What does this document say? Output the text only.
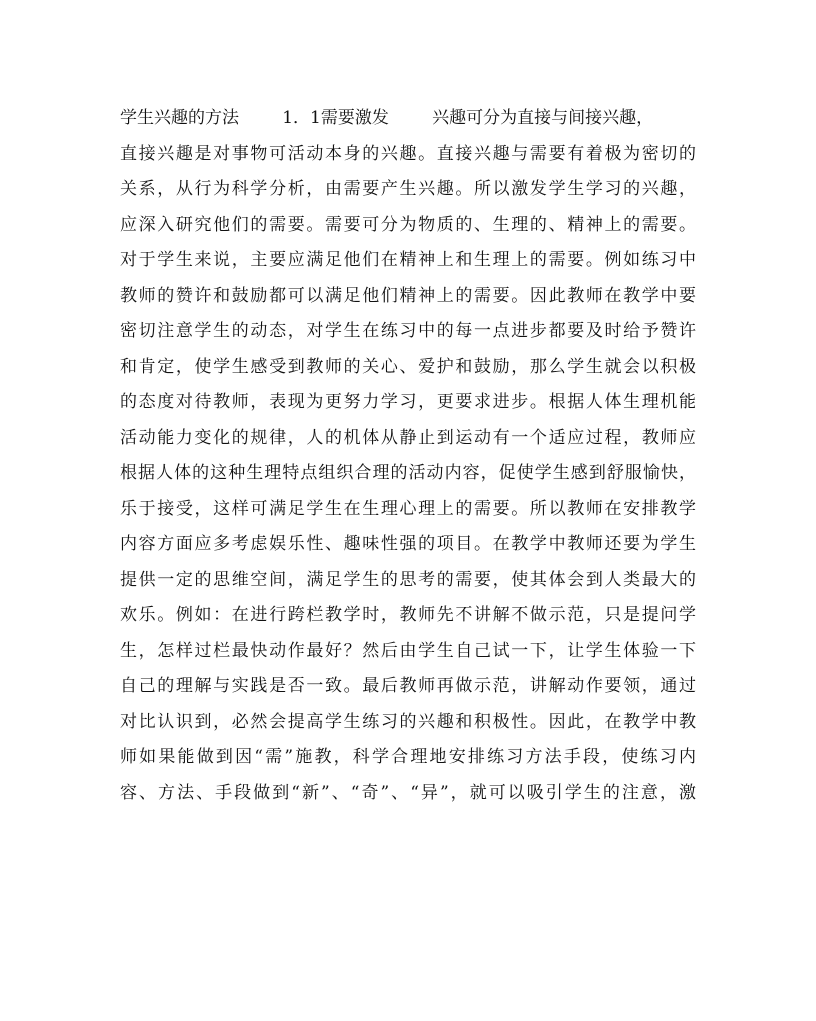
学生兴趣的方法        1．1需要激发        兴趣可分为直接与间接兴趣，
直接兴趣是对事物可活动本身的兴趣。直接兴趣与需要有着极为密切的
关系，从行为科学分析，由需要产生兴趣。所以激发学生学习的兴趣，
应深入研究他们的需要。需要可分为物质的、生理的、精神上的需要。
对于学生来说，主要应满足他们在精神上和生理上的需要。例如练习中
教师的赞许和鼓励都可以满足他们精神上的需要。因此教师在教学中要
密切注意学生的动态，对学生在练习中的每一点进步都要及时给予赞许
和肯定，使学生感受到教师的关心、爱护和鼓励，那么学生就会以积极
的态度对待教师，表现为更努力学习，更要求进步。根据人体生理机能
活动能力变化的规律，人的机体从静止到运动有一个适应过程，教师应
根据人体的这种生理特点组织合理的活动内容，促使学生感到舒服愉快，
乐于接受，这样可满足学生在生理心理上的需要。所以教师在安排教学
内容方面应多考虑娱乐性、趣味性强的项目。在教学中教师还要为学生
提供一定的思维空间，满足学生的思考的需要，使其体会到人类最大的
欢乐。例如：在进行跨栏教学时，教师先不讲解不做示范，只是提问学
生，怎样过栏最快动作最好？然后由学生自己试一下，让学生体验一下
自己的理解与实践是否一致。最后教师再做示范，讲解动作要领，通过
对比认识到，必然会提高学生练习的兴趣和积极性。因此，在教学中教
师如果能做到因“需”施教，科学合理地安排练习方法手段，使练习内
容、方法、手段做到“新”、“奇”、“异”，就可以吸引学生的注意，激
